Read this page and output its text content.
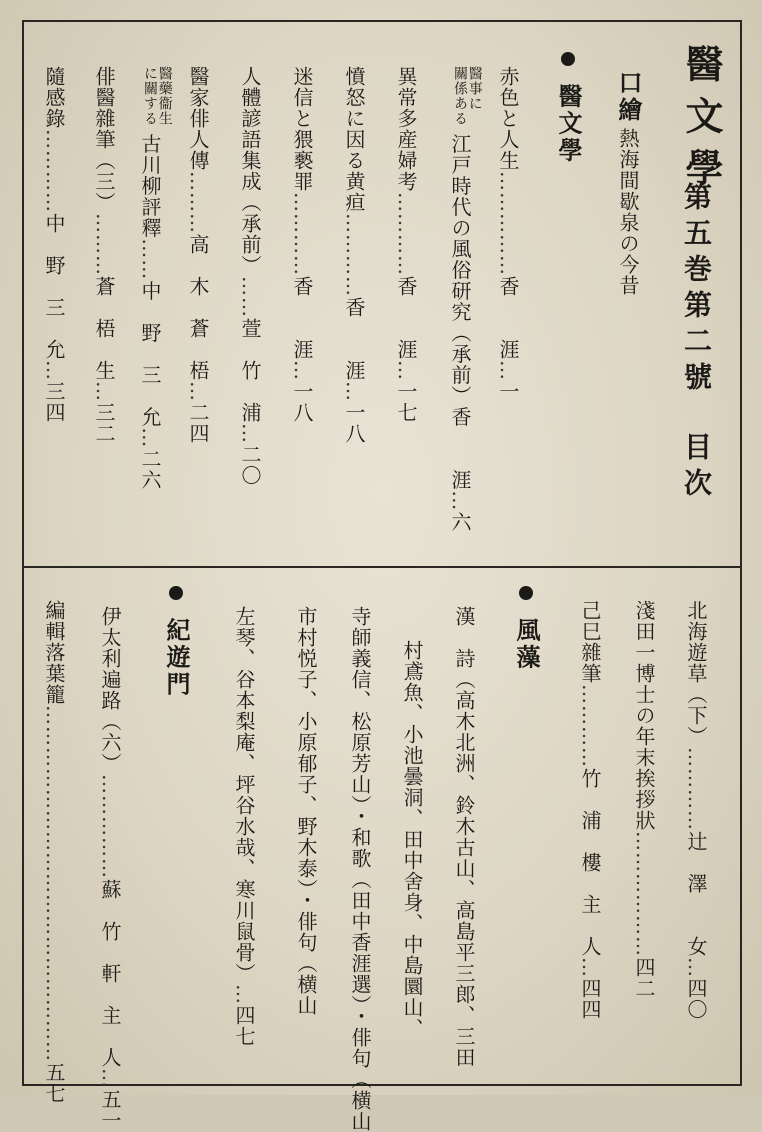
醫文學
第五巻
第二號 目次
口繪
熱海間歇泉の今昔
醫文學
赤色と人生……………香　　涯…一
醫事に
關係ある 江戸時代の風俗研究（承前）香　　涯…六
異常多産婦考…………香　　涯…一七
憤怒に因る黄疸…………香　　涯…一八
迷信と猥褻罪…………香　　涯…一八
人體諺語集成（承前）……萱　竹　浦…二〇
醫家俳人傳………高　木　蒼　梧…二四
醫藥衞生
に關する 古川柳評釋……中　野　三　允…二六
俳醫雜筆（三）………蒼　梧　生…三二
隨感錄…………中　野　三　允…三四
北海遊草（下）…………辻　澤　　女…四〇
淺田一博士の年末挨拶狀………………四二
己巳雜筆…………竹　浦　樓　主　人…四四
風藻
漢　詩（高木北洲、鈴木古山、高島平三郎、三田
村鳶魚、小池曇洞、田中舍身、中島圜山、
寺師義信、松原芳山）・和歌（田中香涯選）・俳句（横山
市村悦子、小原郁子、野木泰）・俳句（横山
左琴、谷本梨庵、坪谷水哉、寒川鼠骨）…四七
紀遊門
伊太利遍路（六）……………蘇　竹　軒　主　人…五一
編輯落葉籠……………………………………………五七
